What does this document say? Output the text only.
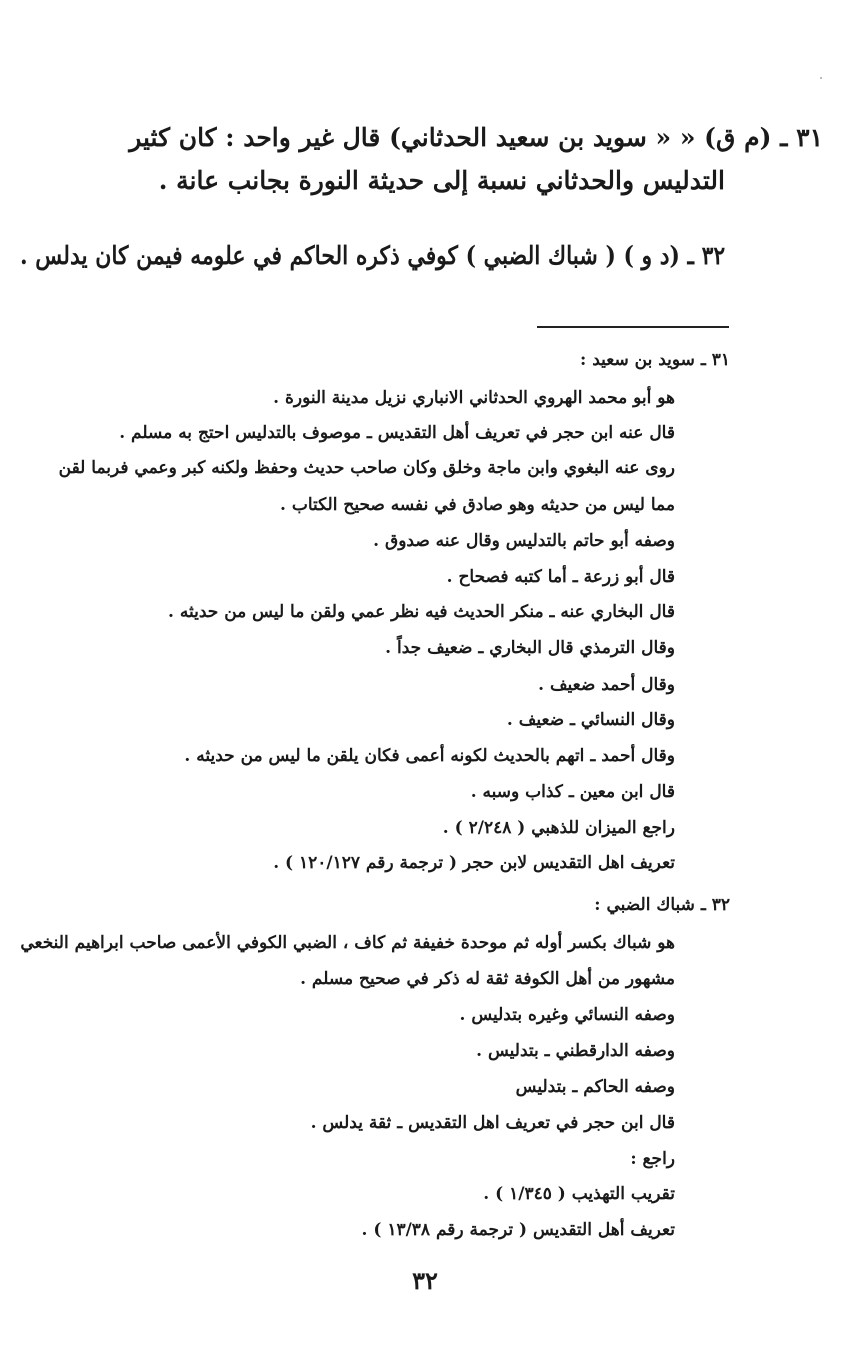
٣١ ـ (م ق) « « سويد بن سعيد الحدثاني) قال غير واحد : كان كثير
التدليس والحدثاني نسبة إلى حديثة النورة بجانب عانة .
٣٢ ـ (د و ) ( شباك الضبي ) كوفي ذكره الحاكم في علومه فيمن كان يدلس .
٣١ ـ سويد بن سعيد :
هو أبو محمد الهروي الحدثاني الانباري نزيل مدينة النورة .
قال عنه ابن حجر في تعريف أهل التقديس ـ موصوف بالتدليس احتج به مسلم .
روى عنه البغوي وابن ماجة وخلق وكان صاحب حديث وحفظ ولكنه كبر وعمي فربما لقن
مما ليس من حديثه وهو صادق في نفسه صحيح الكتاب .
وصفه أبو حاتم بالتدليس وقال عنه صدوق .
قال أبو زرعة ـ أما كتبه فصحاح .
قال البخاري عنه ـ منكر الحديث فيه نظر عمي ولقن ما ليس من حديثه .
وقال الترمذي قال البخاري ـ ضعيف جداً .
وقال أحمد ضعيف .
وقال النسائي ـ ضعيف .
وقال أحمد ـ اتهم بالحديث لكونه أعمى فكان يلقن ما ليس من حديثه .
قال ابن معين ـ كذاب وسبه .
راجع الميزان للذهبي ( ٢/٢٤٨ ) .
تعريف اهل التقديس لابن حجر ( ترجمة رقم ١٢٠/١٢٧ ) .
٣٢ ـ شباك الضبي :
هو شباك بكسر أوله ثم موحدة خفيفة ثم كاف ، الضبي الكوفي الأعمى صاحب ابراهيم النخعي
مشهور من أهل الكوفة ثقة له ذكر في صحيح مسلم .
وصفه النسائي وغيره بتدليس .
وصفه الدارقطني ـ بتدليس .
وصفه الحاكم ـ بتدليس
قال ابن حجر في تعريف اهل التقديس ـ ثقة يدلس .
راجع :
تقريب التهذيب ( ١/٣٤٥ ) .
تعريف أهل التقديس ( ترجمة رقم ١٣/٣٨ ) .
٣٢
